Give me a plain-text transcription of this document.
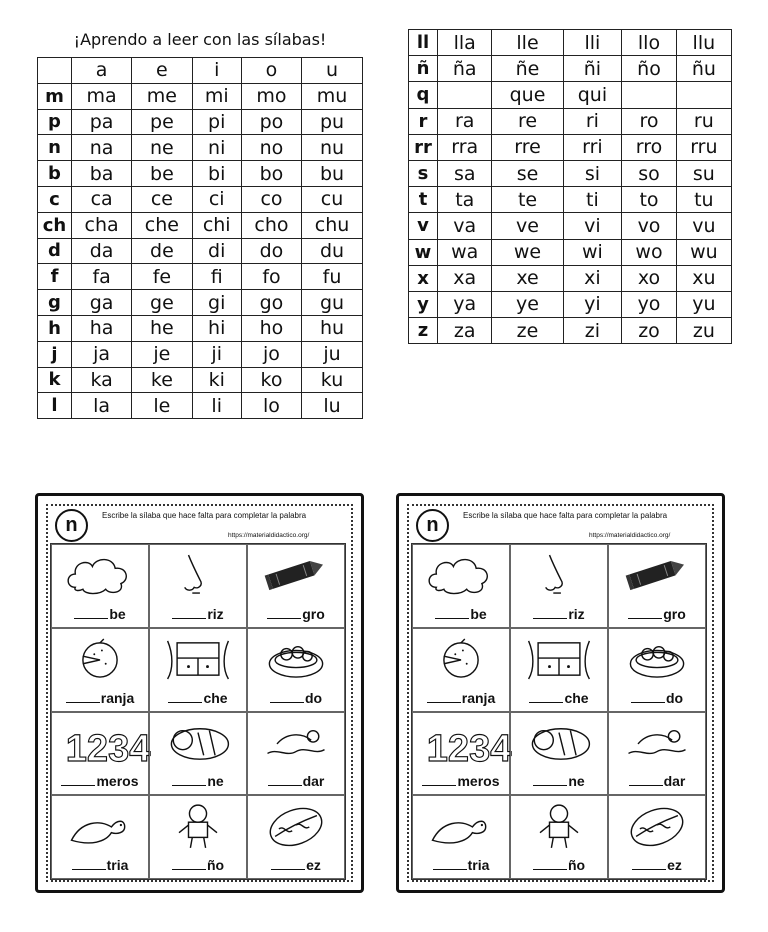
¡Aprendo a leer con las sílabas!
	a	e	i	o	u
m	ma	me	mi	mo	mu
p	pa	pe	pi	po	pu
n	na	ne	ni	no	nu
b	ba	be	bi	bo	bu
c	ca	ce	ci	co	cu
ch	cha	che	chi	cho	chu
d	da	de	di	do	du
f	fa	fe	fi	fo	fu
g	ga	ge	gi	go	gu
h	ha	he	hi	ho	hu
j	ja	je	ji	jo	ju
k	ka	ke	ki	ko	ku
l	la	le	li	lo	lu
ll	lla	lle	lli	llo	llu
ñ	ña	ñe	ñi	ño	ñu
q		que	qui		
r	ra	re	ri	ro	ru
rr	rra	rre	rri	rro	rru
s	sa	se	si	so	su
t	ta	te	ti	to	tu
v	va	ve	vi	vo	vu
w	wa	we	wi	wo	wu
x	xa	xe	xi	xo	xu
y	ya	ye	yi	yo	yu
z	za	ze	zi	zo	zu
n	Escribe la sílaba que hace falta para completar la palabra
https://materialdidactico.org/
be	riz	gro
ranja	che	do
1234
meros	ne	dar
tria	ño	ez
n	Escribe la sílaba que hace falta para completar la palabra
https://materialdidactico.org/
be	riz	gro
ranja	che	do
1234
meros	ne	dar
tria	ño	ez
